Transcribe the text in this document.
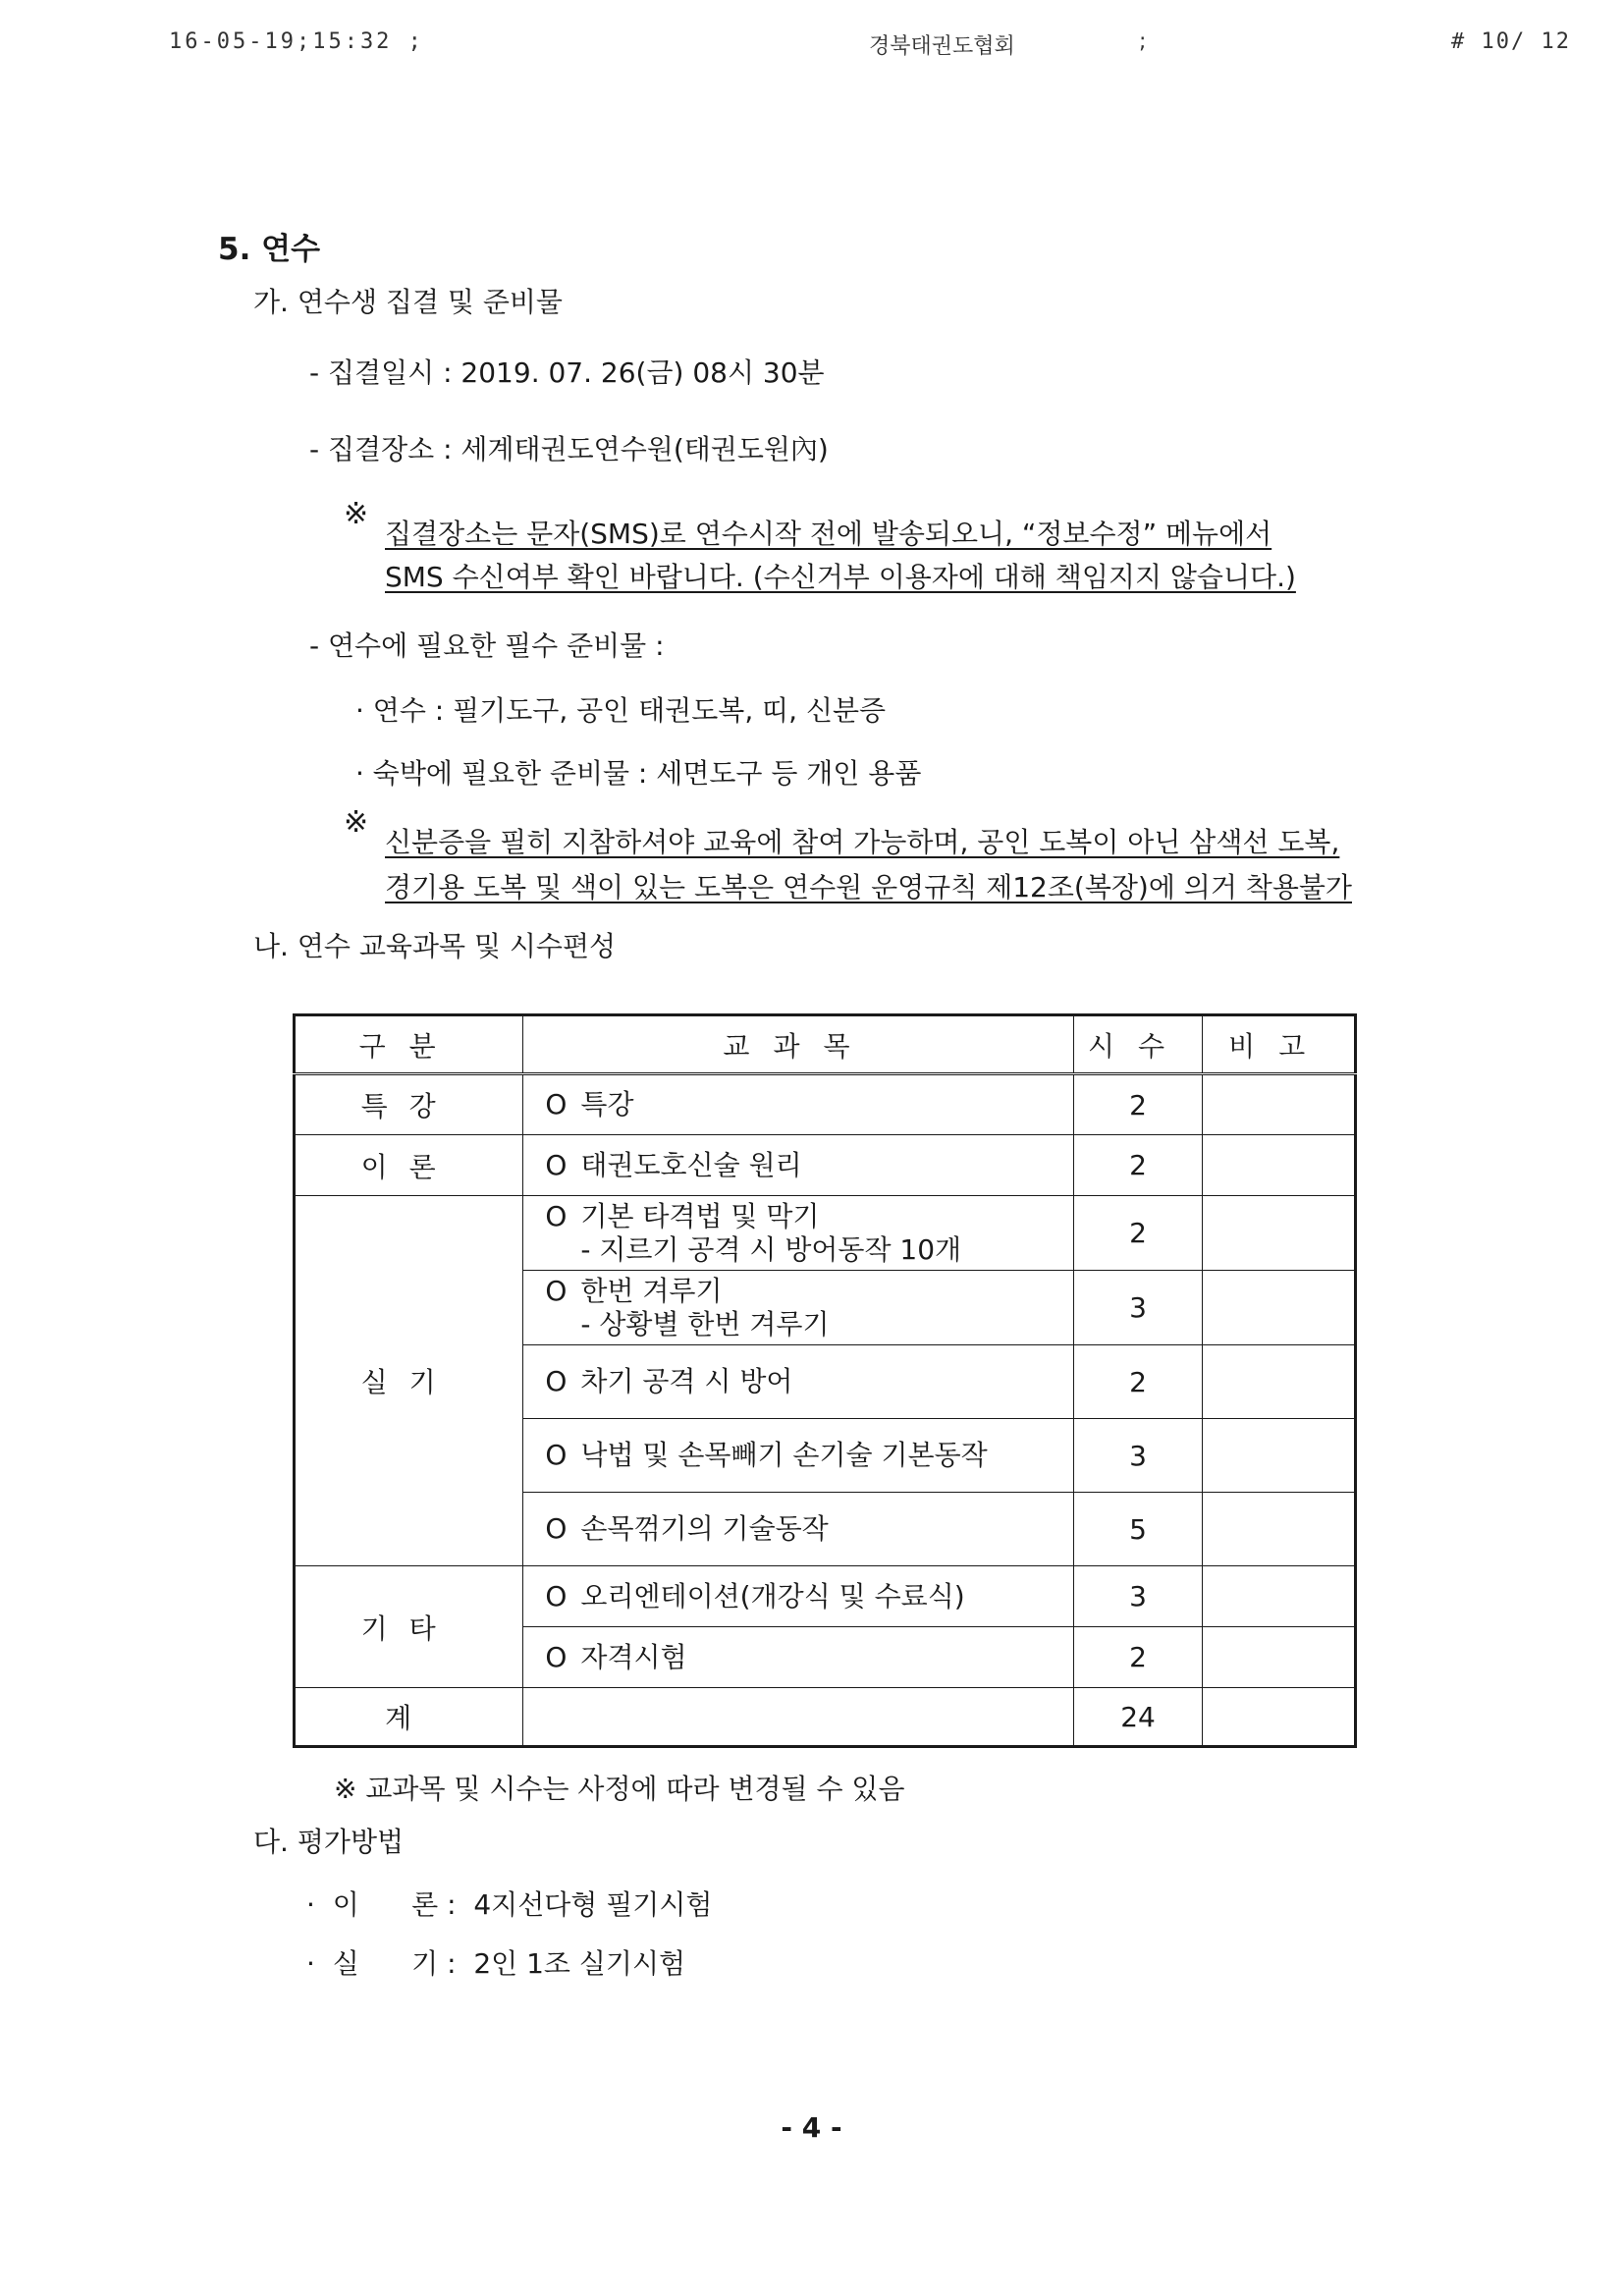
16-05-19;15:32 ;	경북태권도협회	;	# 10/ 12
5. 연수
가. 연수생 집결 및 준비물
- 집결일시 : 2019. 07. 26(금) 08시 30분
- 집결장소 : 세계태권도연수원(태권도원內)
※
집결장소는 문자(SMS)로 연수시작 전에 발송되오니, “정보수정” 메뉴에서
SMS 수신여부 확인 바랍니다. (수신거부 이용자에 대해 책임지지 않습니다.)
- 연수에 필요한 필수 준비물 :
· 연수 : 필기도구, 공인 태권도복, 띠, 신분증
· 숙박에 필요한 준비물 : 세면도구 등 개인 용품
※
신분증을 필히 지참하셔야 교육에 참여 가능하며, 공인 도복이 아닌 삼색선 도복,
경기용 도복 및 색이 있는 도복은 연수원 운영규칙 제12조(복장)에 의거 착용불가
나. 연수 교육과목 및 시수편성
구분	교과목	시수	비고
특강	O 특강	2	
이론	O 태권도호신술 원리	2	
실기	O 기본 타격법 및 막기
- 지르기 공격 시 방어동작 10개	2	
	O 한번 겨루기
- 상황별 한번 겨루기	3	
	O 차기 공격 시 방어	2	
	O 낙법 및 손목빼기 손기술 기본동작	3	
	O 손목꺾기의 기술동작	5	
기타	O 오리엔테이션(개강식 및 수료식)	3	
	O 자격시험	2	
계		24	
※ 교과목 및 시수는 사정에 따라 변경될 수 있음
다. 평가방법
·  이      론 :  4지선다형 필기시험
·  실      기 :  2인 1조 실기시험
- 4 -
